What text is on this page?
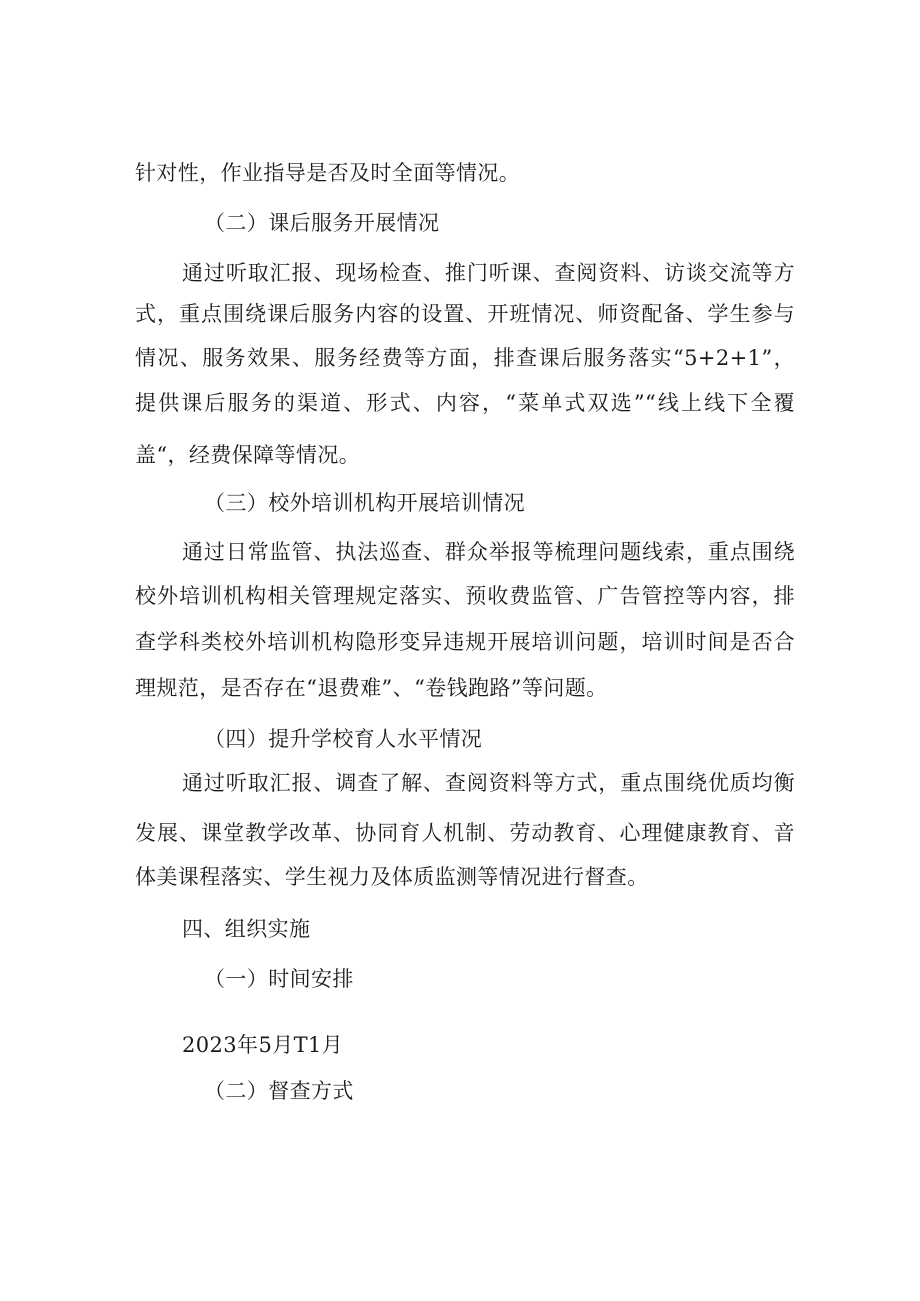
针对性，作业指导是否及时全面等情况。
（二）课后服务开展情况
通过听取汇报、现场检查、推门听课、查阅资料、访谈交流等方
式，重点围绕课后服务内容的设置、开班情况、师资配备、学生参与
情况、服务效果、服务经费等方面，排查课后服务落实“5+2+1”，
提供课后服务的渠道、形式、内容，“菜单式双选”“线上线下全覆
盖“，经费保障等情况。
（三）校外培训机构开展培训情况
通过日常监管、执法巡查、群众举报等梳理问题线索，重点围绕
校外培训机构相关管理规定落实、预收费监管、广告管控等内容，排
查学科类校外培训机构隐形变异违规开展培训问题，培训时间是否合
理规范，是否存在“退费难”、“卷钱跑路”等问题。
（四）提升学校育人水平情况
通过听取汇报、调查了解、查阅资料等方式，重点围绕优质均衡
发展、课堂教学改革、协同育人机制、劳动教育、心理健康教育、音
体美课程落实、学生视力及体质监测等情况进行督查。
四、组织实施
（一）时间安排
2023年5月T1月
（二）督查方式
